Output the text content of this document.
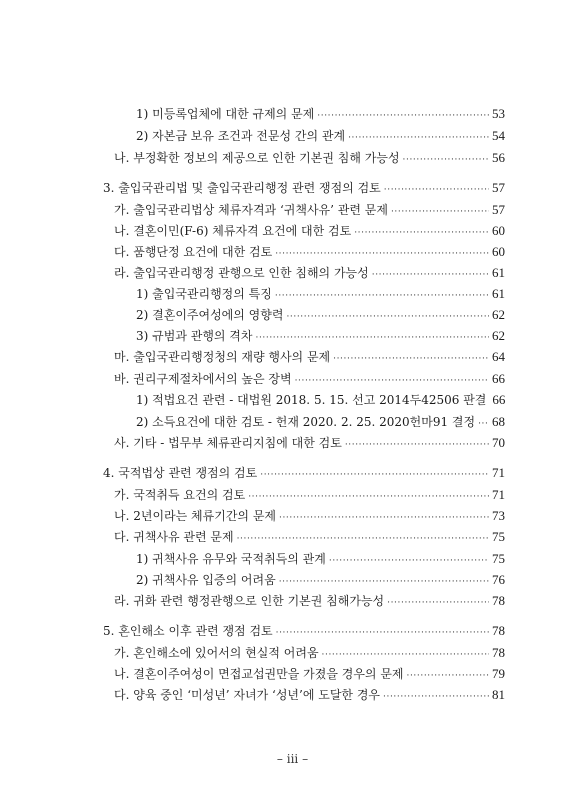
1) 미등록업체에 대한 규제의 문제 ·····	53
2) 자본금 보유 조건과 전문성 간의 관계 ·····	54
나. 부정확한 정보의 제공으로 인한 기본권 침해 가능성 ·····	56
3. 출입국관리법 및 출입국관리행정 관련 쟁점의 검토 ·····	57
가. 출입국관리법상 체류자격과 ‘귀책사유’ 관련 문제 ·····	57
나. 결혼이민(F-6) 체류자격 요건에 대한 검토 ·····	60
다. 품행단정 요건에 대한 검토 ·····	60
라. 출입국관리행정 관행으로 인한 침해의 가능성 ·····	61
1) 출입국관리행정의 특징 ·····	61
2) 결혼이주여성에의 영향력 ·····	62
3) 규범과 관행의 격차 ·····	62
마. 출입국관리행정청의 재량 행사의 문제 ·····	64
바. 권리구제절차에서의 높은 장벽 ·····	66
1) 적법요건 관련 - 대법원 2018. 5. 15. 선고 2014두42506 판결 66
2) 소득요건에 대한 검토 - 헌재 2020. 2. 25. 2020헌마91 결정 ····· 68
사. 기타 - 법무부 체류관리지침에 대한 검토 ·····	70
4. 국적법상 관련 쟁점의 검토 ·····	71
가. 국적취득 요건의 검토 ·····	71
나. 2년이라는 체류기간의 문제 ·····	73
다. 귀책사유 관련 문제 ·····	75
1) 귀책사유 유무와 국적취득의 관계 ·····	75
2) 귀책사유 입증의 어려움 ·····	76
라. 귀화 관련 행정관행으로 인한 기본권 침해가능성 ·····	78
5. 혼인해소 이후 관련 쟁점 검토 ·····	78
가. 혼인해소에 있어서의 현실적 어려움 ·····	78
나. 결혼이주여성이 면접교섭권만을 가졌을 경우의 문제 ·····	79
다. 양육 중인 ‘미성년’ 자녀가 ‘성년’에 도달한 경우 ·····	81
– iii –
